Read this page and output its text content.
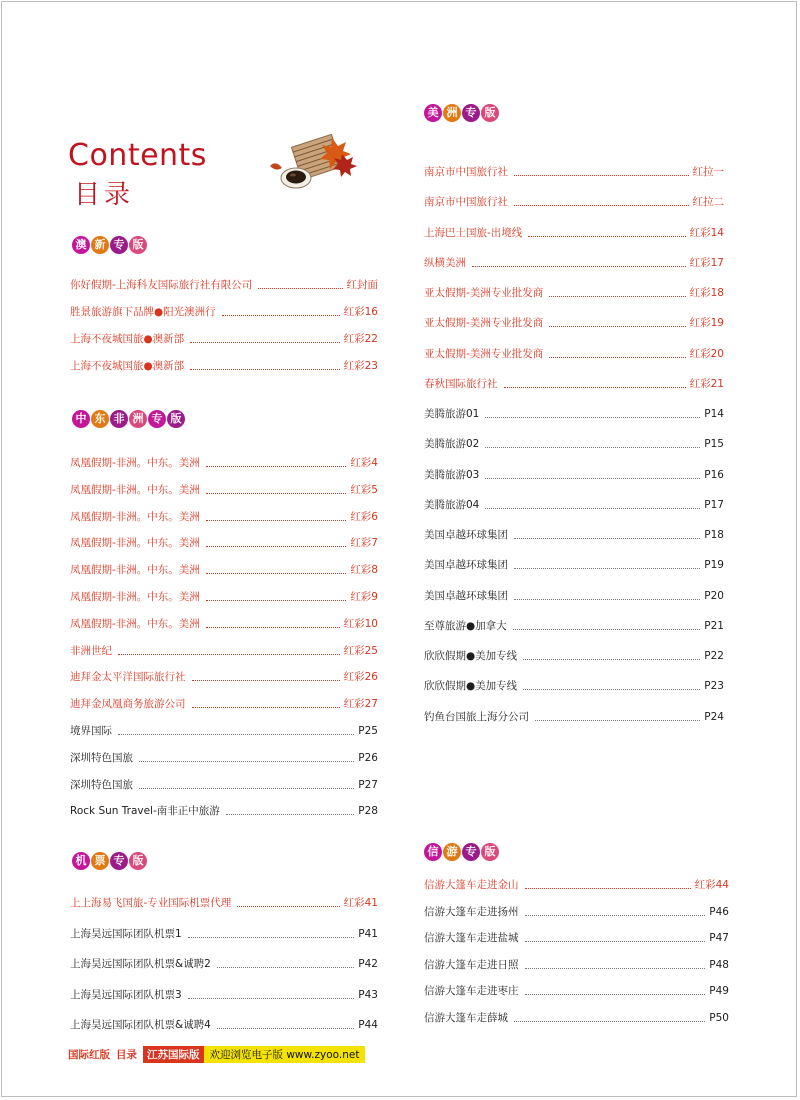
Contents
目录
澳 新 专 版
中 东 非 洲 专 版
机 票 专 版
美 洲 专 版
信 游 专 版
国际红版 目录 江苏国际版 欢迎浏览电子版 www.zyoo.net
你好假期-上海科友国际旅行社有限公司	红封面
胜景旅游旗下品牌●阳光澳洲行	红彩16
上海不夜城国旅●澳新部	红彩22
上海不夜城国旅●澳新部	红彩23
凤凰假期-非洲。中东。美洲	红彩4
凤凰假期-非洲。中东。美洲	红彩5
凤凰假期-非洲。中东。美洲	红彩6
凤凰假期-非洲。中东。美洲	红彩7
凤凰假期-非洲。中东。美洲	红彩8
凤凰假期-非洲。中东。美洲	红彩9
凤凰假期-非洲。中东。美洲	红彩10
非洲世纪	红彩25
迪拜金太平洋国际旅行社	红彩26
迪拜金凤凰商务旅游公司	红彩27
境界国际	P25
深圳特色国旅	P26
深圳特色国旅	P27
Rock Sun Travel-南非正中旅游	P28
上上海易飞国旅-专业国际机票代理	红彩41
上海昊远国际团队机票1	P41
上海昊远国际团队机票&诚聘2	P42
上海昊远国际团队机票3	P43
上海昊远国际团队机票&诚聘4	P44
南京市中国旅行社	红拉一
南京市中国旅行社	红拉二
上海巴士国旅-出境线	红彩14
纵横美洲	红彩17
亚太假期-美洲专业批发商	红彩18
亚太假期-美洲专业批发商	红彩19
亚太假期-美洲专业批发商	红彩20
春秋国际旅行社	红彩21
美腾旅游01	P14
美腾旅游02	P15
美腾旅游03	P16
美腾旅游04	P17
美国卓越环球集团	P18
美国卓越环球集团	P19
美国卓越环球集团	P20
至尊旅游●加拿大	P21
欣欣假期●美加专线	P22
欣欣假期●美加专线	P23
钓鱼台国旅上海分公司	P24
信游大篷车走进金山	红彩44
信游大篷车走进扬州	P46
信游大篷车走进盐城	P47
信游大篷车走进日照	P48
信游大篷车走进枣庄	P49
信游大篷车走薛城	P50
